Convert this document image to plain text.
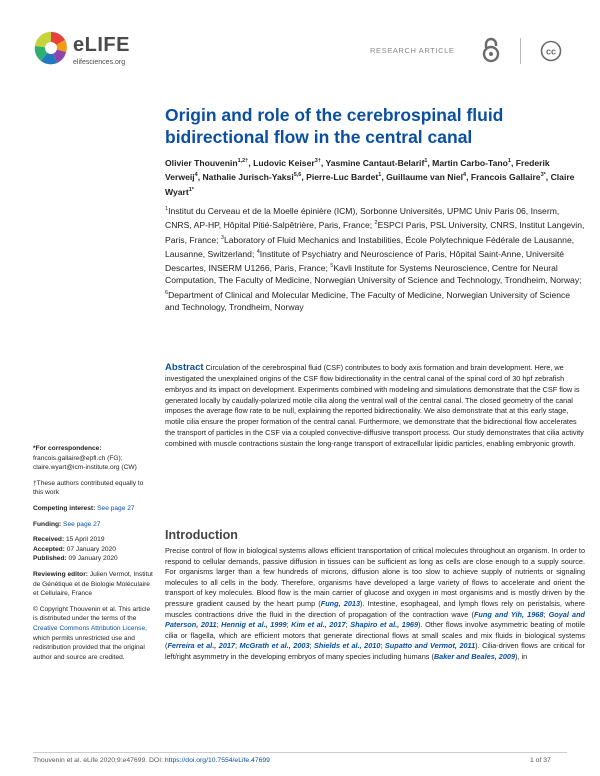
eLIFE
elifesciences.org
RESEARCH ARTICLE	cc
Origin and role of the cerebrospinal fluid
bidirectional flow in the central canal
Olivier Thouvenin$^{1,2\dagger}$, Ludovic Keiser$^{3\dagger}$, Yasmine Cantaut-Belarif$^1$, Martin Carbo-Tano$^1$, Frederik Verweij$^4$, Nathalie Jurisch-Yaksi$^{5,6}$, Pierre-Luc Bardet$^1$, Guillaume van Niel$^4$, Francois Gallaire$^{3*}$, Claire Wyart$^{1*}$
$^1$Institut du Cerveau et de la Moelle épinière (ICM), Sorbonne Universités, UPMC Univ Paris 06, Inserm, CNRS, AP-HP, Hôpital Pitié-Salpêtrière, Paris, France; $^2$ESPCI Paris, PSL University, CNRS, Institut Langevin, Paris, France; $^3$Laboratory of Fluid Mechanics and Instabilities, École Polytechnique Fédérale de Lausanne, Lausanne, Switzerland; $^4$Institute of Psychiatry and Neuroscience of Paris, Hôpital Saint-Anne, Université Descartes, INSERM U1266, Paris, France; $^5$Kavli Institute for Systems Neuroscience, Centre for Neural Computation, The Faculty of Medicine, Norwegian University of Science and Technology, Trondheim, Norway; $^6$Department of Clinical and Molecular Medicine, The Faculty of Medicine, Norwegian University of Science and Technology, Trondheim, Norway
Abstract Circulation of the cerebrospinal fluid (CSF) contributes to body axis formation and brain development. Here, we investigated the unexplained origins of the CSF flow bidirectionality in the central canal of the spinal cord of 30 hpf zebrafish embryos and its impact on development. Experiments combined with modeling and simulations demonstrate that the CSF flow is generated locally by caudally-polarized motile cilia along the ventral wall of the central canal. The closed geometry of the canal imposes the average flow rate to be null, explaining the reported bidirectionality. We also demonstrate that at this early stage, motile cilia ensure the proper formation of the central canal. Furthermore, we demonstrate that the bidirectional flow accelerates the transport of particles in the CSF via a coupled convective-diffusive transport process. Our study demonstrates that cilia activity combined with muscle contractions sustain the long-range transport of extracellular lipidic particles, enabling embryonic growth.

*For correspondence:
francois.gallaire@epfl.ch (FG); claire.wyart@icm-institute.org (CW)

†These authors contributed equally to this work

Competing interest: See page 27

Funding: See page 27

Received: 15 April 2019
Accepted: 07 January 2020
Published: 09 January 2020

Reviewing editor: Julien Vermot, Institut de Génétique et de Biologie Moléculaire et Cellulaire, France

© Copyright Thouvenin et al. This article is distributed under the terms of the Creative Commons Attribution License, which permits unrestricted use and redistribution provided that the original author and source are credited.

Introduction
Precise control of flow in biological systems allows efficient transportation of critical molecules throughout an organism. In order to respond to cellular demands, passive diffusion in tissues can be sufficient as long as cells are close enough to a supply source. For organisms larger than a few hundreds of microns, diffusion alone is too slow to achieve supply of nutrients or signaling molecules to all cells in the body. Therefore, organisms have developed a large variety of flows to accelerate and orient the transport of key molecules. Blood flow is the main carrier of glucose and oxygen in most organisms and is mostly driven by the pressure gradient caused by the heart pump (Fung, 2013). Intestine, esophageal, and lymph flows rely on peristalsis, where muscles contractions drive the fluid in the direction of propagation of the contraction wave (Fung and Yih, 1968; Goyal and Paterson, 2011; Hennig et al., 1999; Kim et al., 2017; Shapiro et al., 1969). Other flows involve asymmetric beating of motile cilia or flagella, which are efficient motors that generate directional flows at small scales and mix fluids in biological systems (Ferreira et al., 2017; McGrath et al., 2003; Shields et al., 2010; Supatto and Vermot, 2011). Cilia-driven flows are critical for left/right asymmetry in the developing embryos of many species including humans (Baker and Beales, 2009), in
Thouvenin et al. eLife 2020;9:e47699. DOI: https://doi.org/10.7554/eLife.47699	1 of 37
